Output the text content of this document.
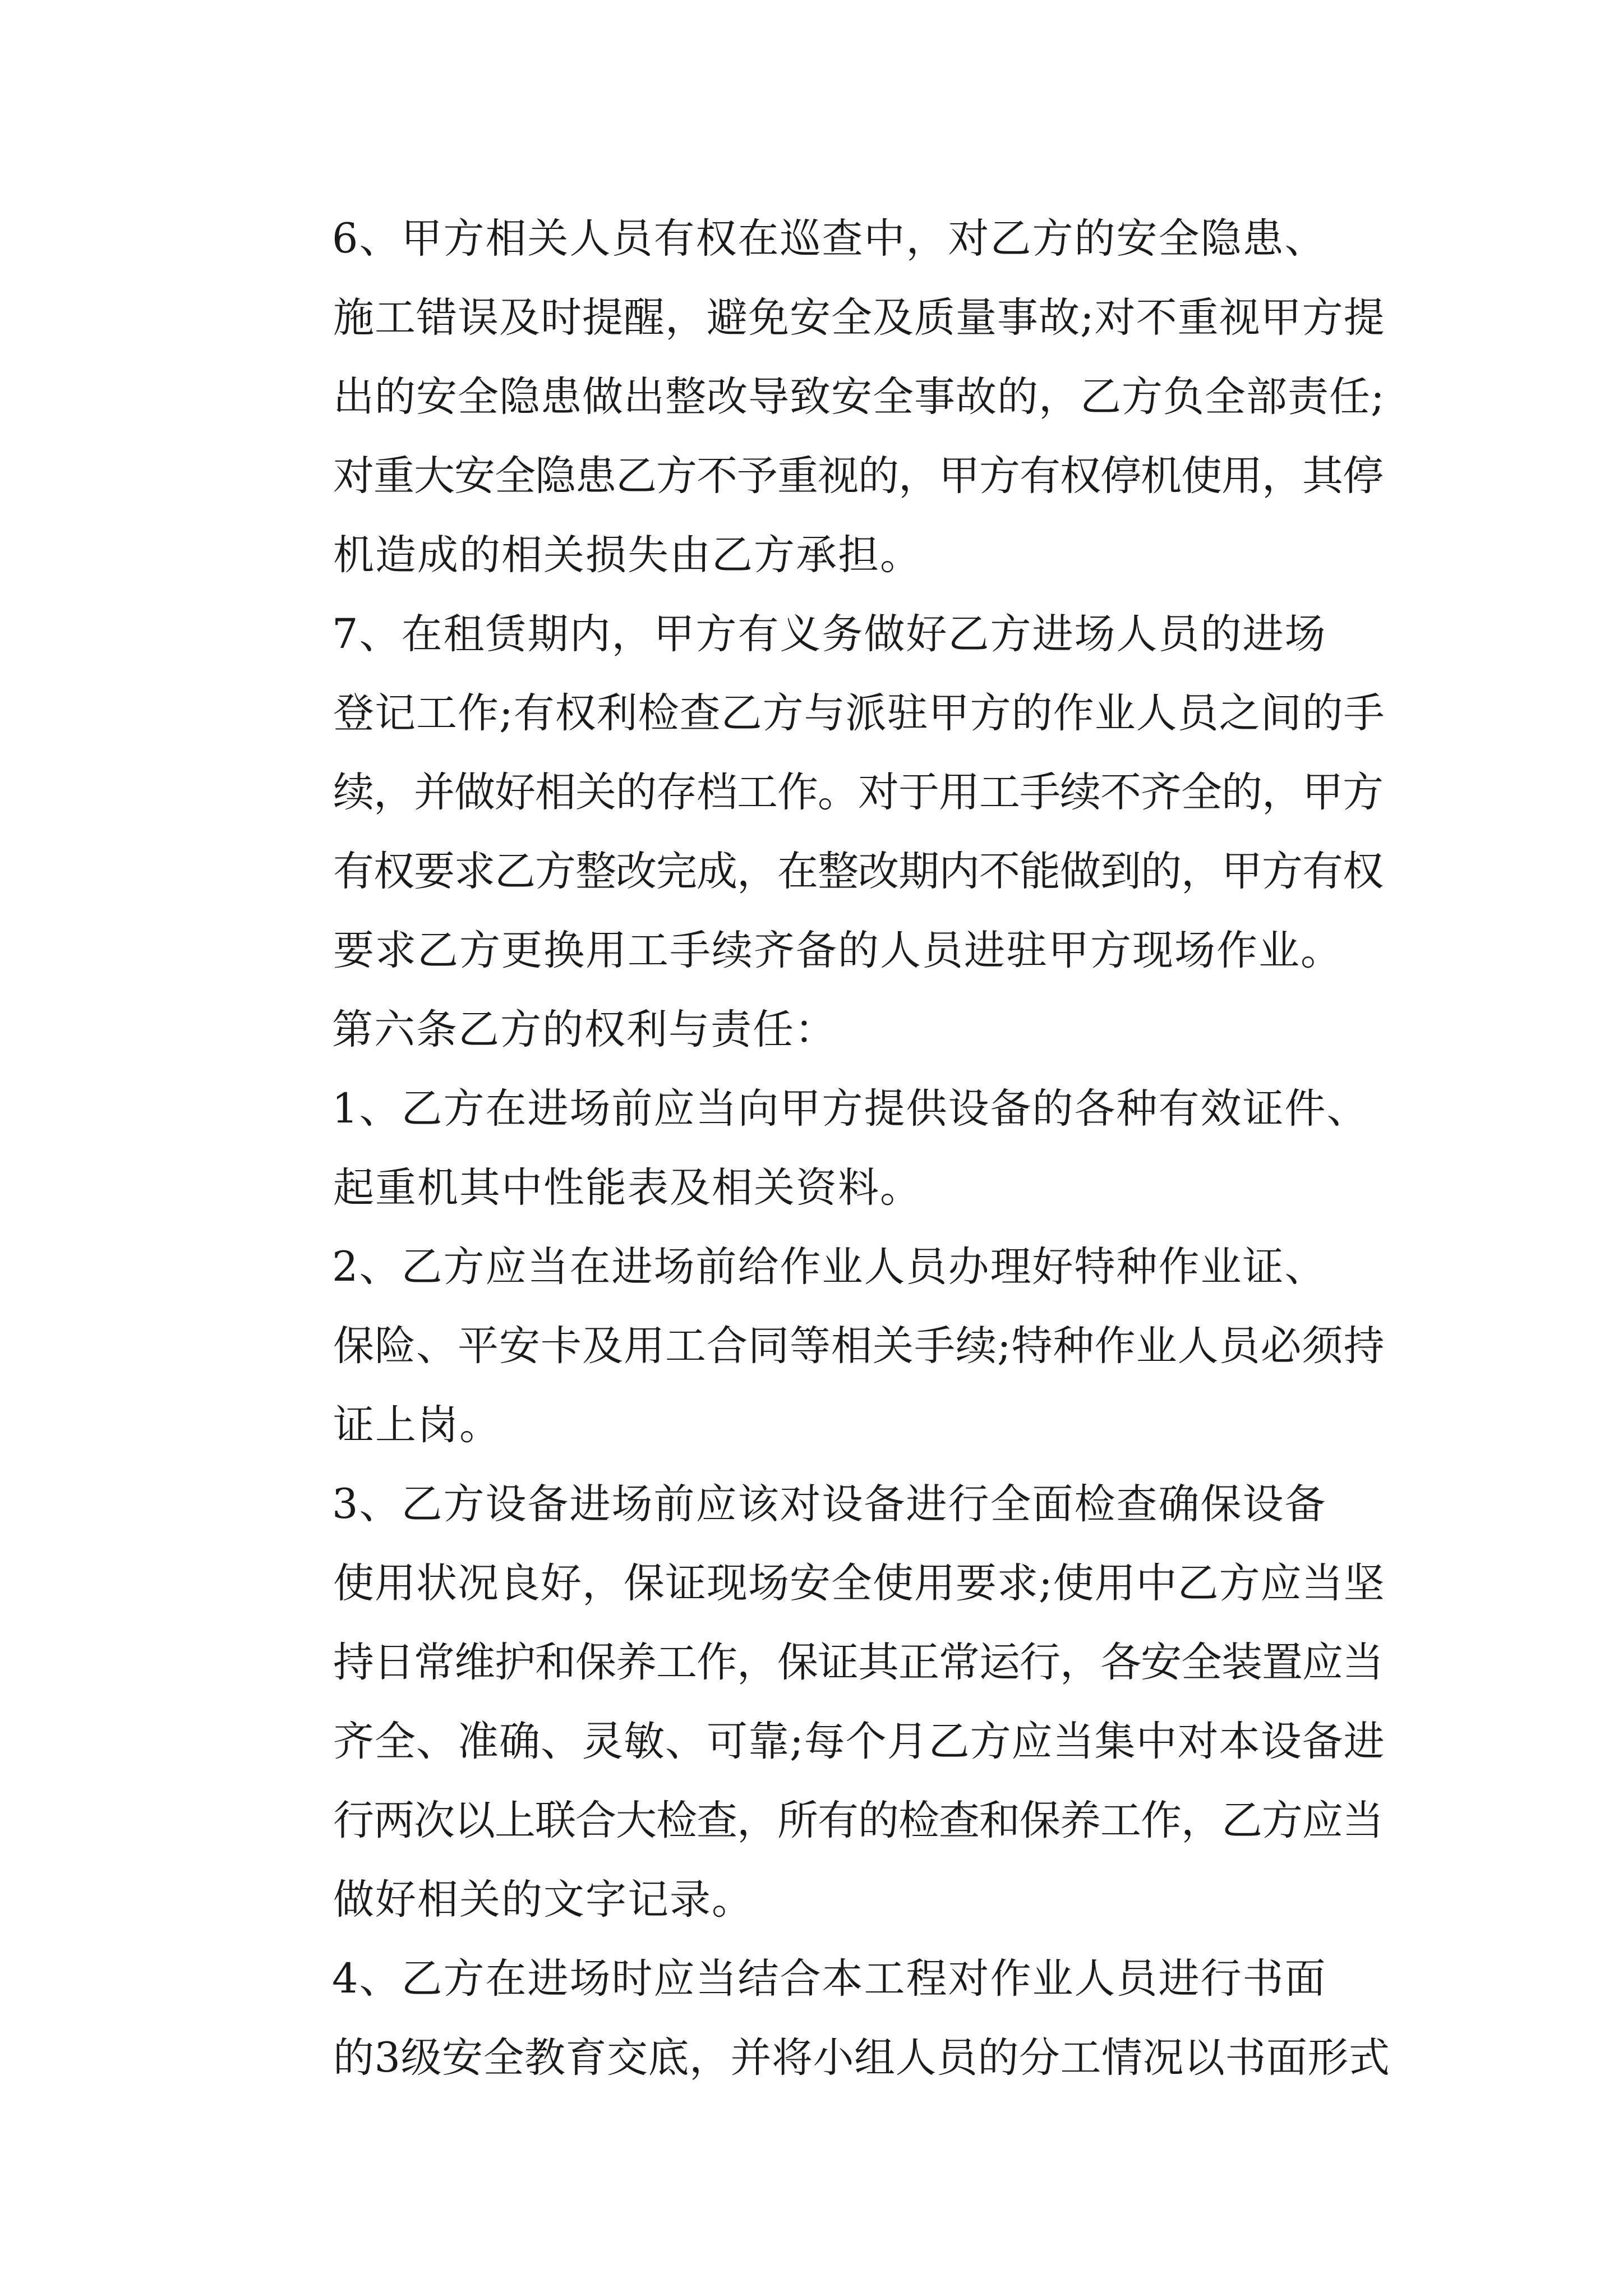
6、甲方相关人员有权在巡查中，对乙方的安全隐患、
施工错误及时提醒，避免安全及质量事故;对不重视甲方提
出的安全隐患做出整改导致安全事故的，乙方负全部责任;
对重大安全隐患乙方不予重视的，甲方有权停机使用，其停
机造成的相关损失由乙方承担。
7、在租赁期内，甲方有义务做好乙方进场人员的进场
登记工作;有权利检查乙方与派驻甲方的作业人员之间的手
续，并做好相关的存档工作。对于用工手续不齐全的，甲方
有权要求乙方整改完成，在整改期内不能做到的，甲方有权
要求乙方更换用工手续齐备的人员进驻甲方现场作业。
第六条乙方的权利与责任：
1、乙方在进场前应当向甲方提供设备的各种有效证件、
起重机其中性能表及相关资料。
2、乙方应当在进场前给作业人员办理好特种作业证、
保险、平安卡及用工合同等相关手续;特种作业人员必须持
证上岗。
3、乙方设备进场前应该对设备进行全面检查确保设备
使用状况良好，保证现场安全使用要求;使用中乙方应当坚
持日常维护和保养工作，保证其正常运行，各安全装置应当
齐全、准确、灵敏、可靠;每个月乙方应当集中对本设备进
行两次以上联合大检查，所有的检查和保养工作，乙方应当
做好相关的文字记录。
4、乙方在进场时应当结合本工程对作业人员进行书面
的3级安全教育交底，并将小组人员的分工情况以书面形式
